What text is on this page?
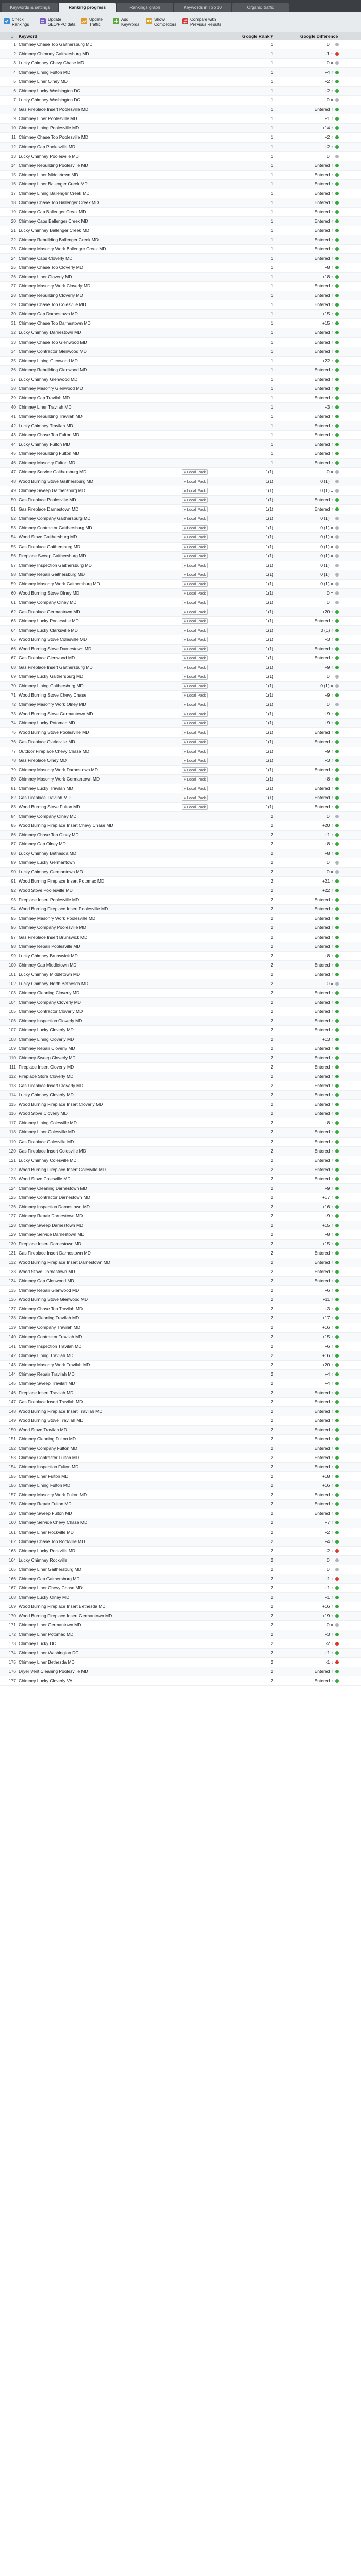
Keywords & settings	Ranking progress	Rankings graph	Keywords in Top 10	Organic traffic
Check
Rankings
Update
SEO/PPC data
Update
Traffic
Add
Keywords
Show
Competitors
Compare with
Previous Results
# Keyword	Google Rank ▾	Google Difference
1 Chimney Chase Top Gaithersburg MD	1	0 =
2 Chimney Chimney Gaithersburg MD	1	-1 −
3 Lucky Chimney Chevy Chase MD	1	0 =
4 Chimney Lining Fulton MD	1	+4 ↑
5 Chimney Liner Olney MD	1	+2 ↑
6 Chimney Lucky Washington DC	1	+2 ↑
7 Lucky Chimney Washington DC	1	0 =
8 Gas Fireplace Insert Poolesville MD	1	Entered ↑
9 Chimney Liner Poolesville MD	1	+1 ↑
10 Chimney Lining Poolesville MD	1	+14 ↑
11 Chimney Chase Top Poolesville MD	1	+2 ↑
12 Chimney Cap Poolesville MD	1	+2 ↑
13 Lucky Chimney Poolesville MD	1	0 =
14 Chimney Rebuilding Poolesville MD	1	Entered ↑
15 Chimney Liner Middletown MD	1	Entered ↑
16 Chimney Liner Ballenger Creek MD	1	Entered ↑
17 Chimney Lining Ballenger Creek MD	1	Entered ↑
18 Chimney Chase Top Ballenger Creek MD	1	Entered ↑
19 Chimney Cap Ballenger Creek MD	1	Entered ↑
20 Chimney Caps Ballenger Creek MD	1	Entered ↑
21 Lucky Chimney Ballenger Creek MD	1	Entered ↑
22 Chimney Rebuilding Ballenger Creek MD	1	Entered ↑
23 Chimney Masonry Work Ballenger Creek MD	1	Entered ↑
24 Chimney Caps Cloverly MD	1	Entered ↑
25 Chimney Chase Top Cloverly MD	1	+8 ↑
26 Chimney Liner Cloverly MD	1	+18 ↑
27 Chimney Masonry Work Cloverly MD	1	Entered ↑
28 Chimney Rebuilding Cloverly MD	1	Entered ↑
29 Chimney Chase Top Colesville MD	1	Entered ↑
30 Chimney Cap Darnestown MD	1	+15 ↑
31 Chimney Chase Top Darnestown MD	1	+15 ↑
32 Lucky Chimney Darnestown MD	1	Entered ↑
33 Chimney Chase Top Glenwood MD	1	Entered ↑
34 Chimney Contractor Glenwood MD	1	Entered ↑
35 Chimney Lining Glenwood MD	1	+22 ↑
36 Chimney Rebuilding Glenwood MD	1	Entered ↑
37 Lucky Chimney Glenwood MD	1	Entered ↑
38 Chimney Masonry Glenwood MD	1	Entered ↑
39 Chimney Cap Travilah MD	1	Entered ↑
40 Chimney Liner Travilah MD	1	+3 ↑
41 Chimney Rebuilding Travilah MD	1	Entered ↑
42 Lucky Chimney Travilah MD	1	Entered ↑
43 Chimney Chase Top Fulton MD	1	Entered ↑
44 Lucky Chimney Fulton MD	1	Entered ↑
45 Chimney Rebuilding Fulton MD	1	Entered ↑
46 Chimney Masonry Fulton MD	1	Entered ↑
47 Chimney Service Gaithersburg MD	● Local Pack	1(1)	0 =
48 Wood Burning Stove Gaithersburg MD	● Local Pack	1(1)	0 (1) =
49 Chimney Sweep Gaithersburg MD	● Local Pack	1(1)	0 (1) =
50 Gas Fireplace Poolesville MD	● Local Pack	1(1)	Entered ↑
51 Gas Fireplace Darnestown MD	● Local Pack	1(1)	Entered ↑
52 Chimney Company Gaithersburg MD	● Local Pack	1(1)	0 (1) =
53 Chimney Contractor Gaithersburg MD	● Local Pack	1(1)	0 (1) =
54 Wood Stove Gaithersburg MD	● Local Pack	1(1)	0 (1) =
55 Gas Fireplace Gaithersburg MD	● Local Pack	1(1)	0 (1) =
56 Fireplace Sweep Gaithersburg MD	● Local Pack	1(1)	0 (1) =
57 Chimney Inspection Gaithersburg MD	● Local Pack	1(1)	0 (1) =
58 Chimney Repair Gaithersburg MD	● Local Pack	1(1)	0 (1) =
59 Chimney Masonry Work Gaithersburg MD	● Local Pack	1(1)	0 (1) =
60 Wood Burning Stove Olney MD	● Local Pack	1(1)	0 =
61 Chimney Company Olney MD	● Local Pack	1(1)	0 =
62 Gas Fireplace Germantown MD	● Local Pack	1(1)	+20 ↑
63 Chimney Lucky Poolesville MD	● Local Pack	1(1)	Entered ↑
64 Chimney Lucky Clarksville MD	● Local Pack	1(1)	0 (1) ↑
65 Wood Burning Stove Colesville MD	● Local Pack	1(1)	+3 ↑
66 Wood Burning Stove Darnestown MD	● Local Pack	1(1)	Entered ↑
67 Gas Fireplace Glenwood MD	● Local Pack	1(1)	Entered ↑
68 Gas Fireplace Insert Gaithersburg MD	● Local Pack	1(1)	+9 ↑
69 Chimney Lucky Gaithersburg MD	● Local Pack	1(1)	0 =
70 Chimney Lining Gaithersburg MD	● Local Pack	1(1)	0 (1) =
71 Wood Burning Stove Chevy Chase	● Local Pack	1(1)	+9 ↑
72 Chimney Masonry Work Olney MD	● Local Pack	1(1)	0 =
73 Wood Burning Stove Germantown MD	● Local Pack	1(1)	+9 ↑
74 Chimney Lucky Potomac MD	● Local Pack	1(1)	+9 ↑
75 Wood Burning Stove Poolesville MD	● Local Pack	1(1)	Entered ↑
76 Gas Fireplace Clarksville MD	● Local Pack	1(1)	Entered ↑
77 Outdoor Fireplace Chevy Chase MD	● Local Pack	1(1)	+9 ↑
78 Gas Fireplace Olney MD	● Local Pack	1(1)	+3 ↑
79 Chimney Masonry Work Darnestown MD	● Local Pack	1(1)	Entered ↑
80 Chimney Masonry Work Germantown MD	● Local Pack	1(1)	+8 ↑
81 Chimney Lucky Travilah MD	● Local Pack	1(1)	Entered ↑
82 Gas Fireplace Travilah MD	● Local Pack	1(1)	Entered ↑
83 Wood Burning Stove Fulton MD	● Local Pack	1(1)	Entered ↑
84 Chimney Company Olney MD	2	0 =
85 Wood Burning Fireplace Insert Chevy Chase MD	2	+20 ↑
86 Chimney Chase Top Olney MD	2	+1 ↑
87 Chimney Cap Olney MD	2	+8 ↑
88 Lucky Chimney Bethesda MD	2	+8 ↑
89 Chimney Lucky Germantown	2	0 =
90 Lucky Chimney Germantown MD	2	0 =
91 Wood Burning Fireplace Insert Potomac MD	2	+21 ↑
92 Wood Stove Poolesville MD	2	+22 ↑
93 Fireplace Insert Poolesville MD	2	Entered ↑
94 Wood Burning Fireplace Insert Poolesville MD	2	Entered ↑
95 Chimney Masonry Work Poolesville MD	2	Entered ↑
96 Chimney Company Poolesville MD	2	Entered ↑
97 Gas Fireplace Insert Brunswick MD	2	Entered ↑
98 Chimney Repair Poolesville MD	2	Entered ↑
99 Lucky Chimney Brunswick MD	2	+8 ↑
100 Chimney Cap Middletown MD	2	Entered ↑
101 Lucky Chimney Middletown MD	2	Entered ↑
102 Lucky Chimney North Bethesda MD	2	0 =
103 Chimney Cleaning Cloverly MD	2	Entered ↑
104 Chimney Company Cloverly MD	2	Entered ↑
105 Chimney Contractor Cloverly MD	2	Entered ↑
106 Chimney Inspection Cloverly MD	2	Entered ↑
107 Chimney Lucky Cloverly MD	2	Entered ↑
108 Chimney Lining Cloverly MD	2	+13 ↑
109 Chimney Repair Cloverly MD	2	Entered ↑
110 Chimney Sweep Cloverly MD	2	Entered ↑
111 Fireplace Insert Cloverly MD	2	Entered ↑
112 Fireplace Store Cloverly MD	2	Entered ↑
113 Gas Fireplace Insert Cloverly MD	2	Entered ↑
114 Lucky Chimney Cloverly MD	2	Entered ↑
115 Wood Burning Fireplace Insert Cloverly MD	2	Entered ↑
116 Wood Stove Cloverly MD	2	Entered ↑
117 Chimney Lining Colesville MD	2	+8 ↑
118 Chimney Liner Colesville MD	2	Entered ↑
119 Gas Fireplace Colesville MD	2	Entered ↑
120 Gas Fireplace Insert Colesville MD	2	Entered ↑
121 Lucky Chimney Colesville MD	2	Entered ↑
122 Wood Burning Fireplace Insert Colesville MD	2	Entered ↑
123 Wood Stove Colesville MD	2	Entered ↑
124 Chimney Cleaning Darnestown MD	2	+9 ↑
125 Chimney Contractor Darnestown MD	2	+17 ↑
126 Chimney Inspection Darnestown MD	2	+16 ↑
127 Chimney Repair Darnestown MD	2	+9 ↑
128 Chimney Sweep Darnestown MD	2	+15 ↑
129 Chimney Service Darnestown MD	2	+8 ↑
130 Fireplace Insert Darnestown MD	2	+15 ↑
131 Gas Fireplace Insert Darnestown MD	2	Entered ↑
132 Wood Burning Fireplace Insert Darnestown MD	2	Entered ↑
133 Wood Stove Darnestown MD	2	Entered ↑
134 Chimney Cap Glenwood MD	2	Entered ↑
135 Chimney Repair Glenwood MD	2	+6 ↑
136 Wood Burning Stove Glenwood MD	2	+11 ↑
137 Chimney Chase Top Travilah MD	2	+3 ↑
138 Chimney Cleaning Travilah MD	2	+17 ↑
139 Chimney Company Travilah MD	2	+16 ↑
140 Chimney Contractor Travilah MD	2	+15 ↑
141 Chimney Inspection Travilah MD	2	+6 ↑
142 Chimney Lining Travilah MD	2	+16 ↑
143 Chimney Masonry Work Travilah MD	2	+20 ↑
144 Chimney Repair Travilah MD	2	+4 ↑
145 Chimney Sweep Travilah MD	2	+4 ↑
146 Fireplace Insert Travilah MD	2	Entered ↑
147 Gas Fireplace Insert Travilah MD	2	Entered ↑
148 Wood Burning Fireplace Insert Travilah MD	2	Entered ↑
149 Wood Burning Stove Travilah MD	2	Entered ↑
150 Wood Stove Travilah MD	2	Entered ↑
151 Chimney Cleaning Fulton MD	2	Entered ↑
152 Chimney Company Fulton MD	2	Entered ↑
153 Chimney Contractor Fulton MD	2	Entered ↑
154 Chimney Inspection Fulton MD	2	Entered ↑
155 Chimney Liner Fulton MD	2	+18 ↑
156 Chimney Lining Fulton MD	2	+16 ↑
157 Chimney Masonry Work Fulton MD	2	Entered ↑
158 Chimney Repair Fulton MD	2	Entered ↑
159 Chimney Sweep Fulton MD	2	Entered ↑
160 Chimney Service Chevy Chase MD	2	+7 ↑
161 Chimney Liner Rockville MD	2	+2 ↑
162 Chimney Chase Top Rockville MD	2	+4 ↑
163 Chimney Lucky Rockville MD	2	-2 ↓
164 Lucky Chimney Rockville	2	0 =
165 Chimney Liner Gaithersburg MD	2	0 =
166 Chimney Cap Gaithersburg MD	2	-1 ↓
167 Chimney Liner Chevy Chase MD	2	+1 ↑
168 Chimney Lucky Olney MD	2	+1 ↑
169 Wood Burning Fireplace Insert Bethesda MD	2	+16 ↑
170 Wood Burning Fireplace Insert Germantown MD	2	+19 ↑
171 Chimney Liner Germantown MD	2	0 =
172 Chimney Liner Potomac MD	2	+3 ↑
173 Chimney Lucky DC	2	-2 ↓
174 Chimney Liner Washington DC	2	+1 ↑
175 Chimney Liner Bethesda MD	2	-1 ↓
176 Dryer Vent Cleaning Poolesville MD	2	Entered ↑
177 Chimney Lucky Cloverly VA	2	Entered ↑
